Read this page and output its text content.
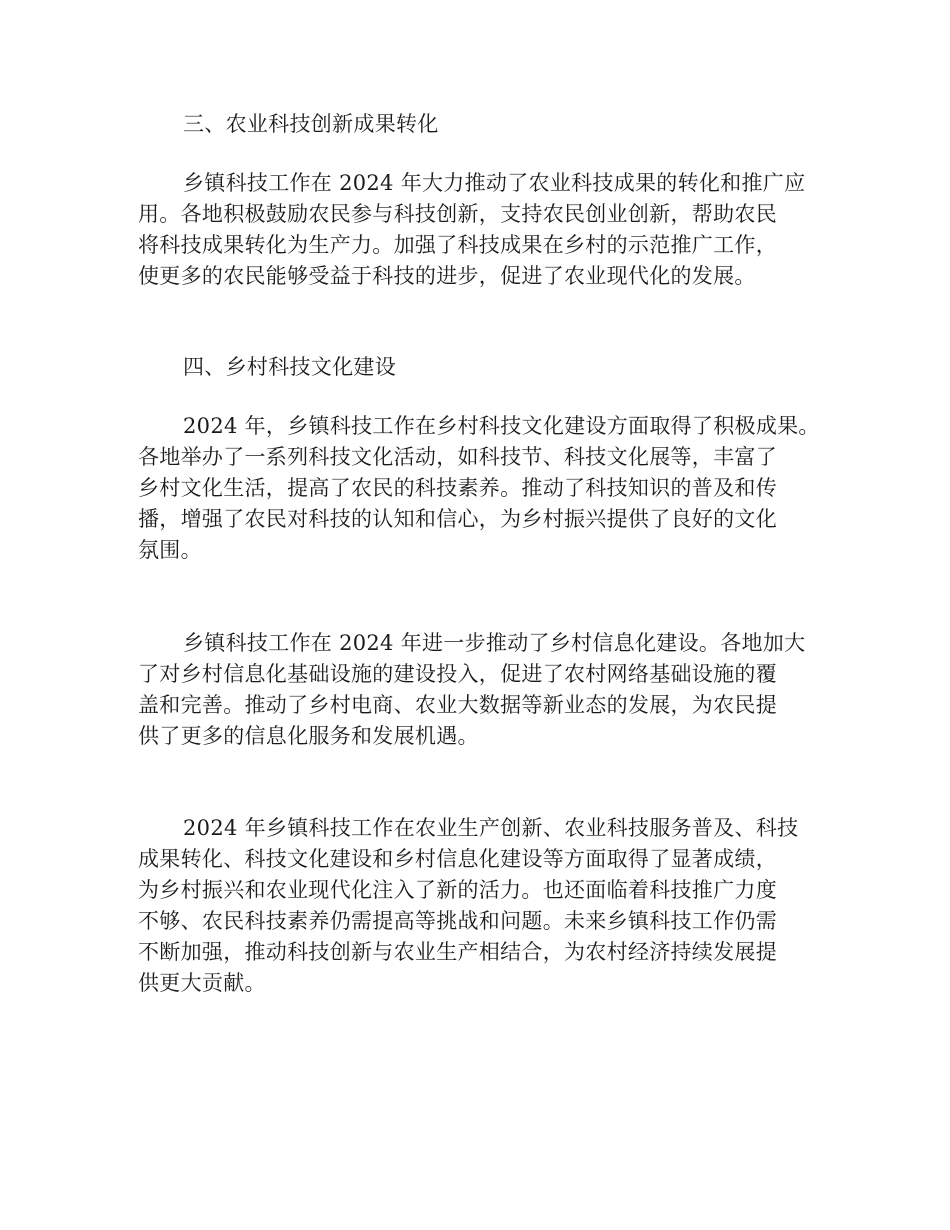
三、农业科技创新成果转化
乡镇科技工作在 2024 年大力推动了农业科技成果的转化和推广应
用。各地积极鼓励农民参与科技创新，支持农民创业创新，帮助农民
将科技成果转化为生产力。加强了科技成果在乡村的示范推广工作，
使更多的农民能够受益于科技的进步，促进了农业现代化的发展。
四、乡村科技文化建设
2024 年，乡镇科技工作在乡村科技文化建设方面取得了积极成果。
各地举办了一系列科技文化活动，如科技节、科技文化展等，丰富了
乡村文化生活，提高了农民的科技素养。推动了科技知识的普及和传
播，增强了农民对科技的认知和信心，为乡村振兴提供了良好的文化
氛围。
乡镇科技工作在 2024 年进一步推动了乡村信息化建设。各地加大
了对乡村信息化基础设施的建设投入，促进了农村网络基础设施的覆
盖和完善。推动了乡村电商、农业大数据等新业态的发展，为农民提
供了更多的信息化服务和发展机遇。
2024 年乡镇科技工作在农业生产创新、农业科技服务普及、科技
成果转化、科技文化建设和乡村信息化建设等方面取得了显著成绩，
为乡村振兴和农业现代化注入了新的活力。也还面临着科技推广力度
不够、农民科技素养仍需提高等挑战和问题。未来乡镇科技工作仍需
不断加强，推动科技创新与农业生产相结合，为农村经济持续发展提
供更大贡献。
